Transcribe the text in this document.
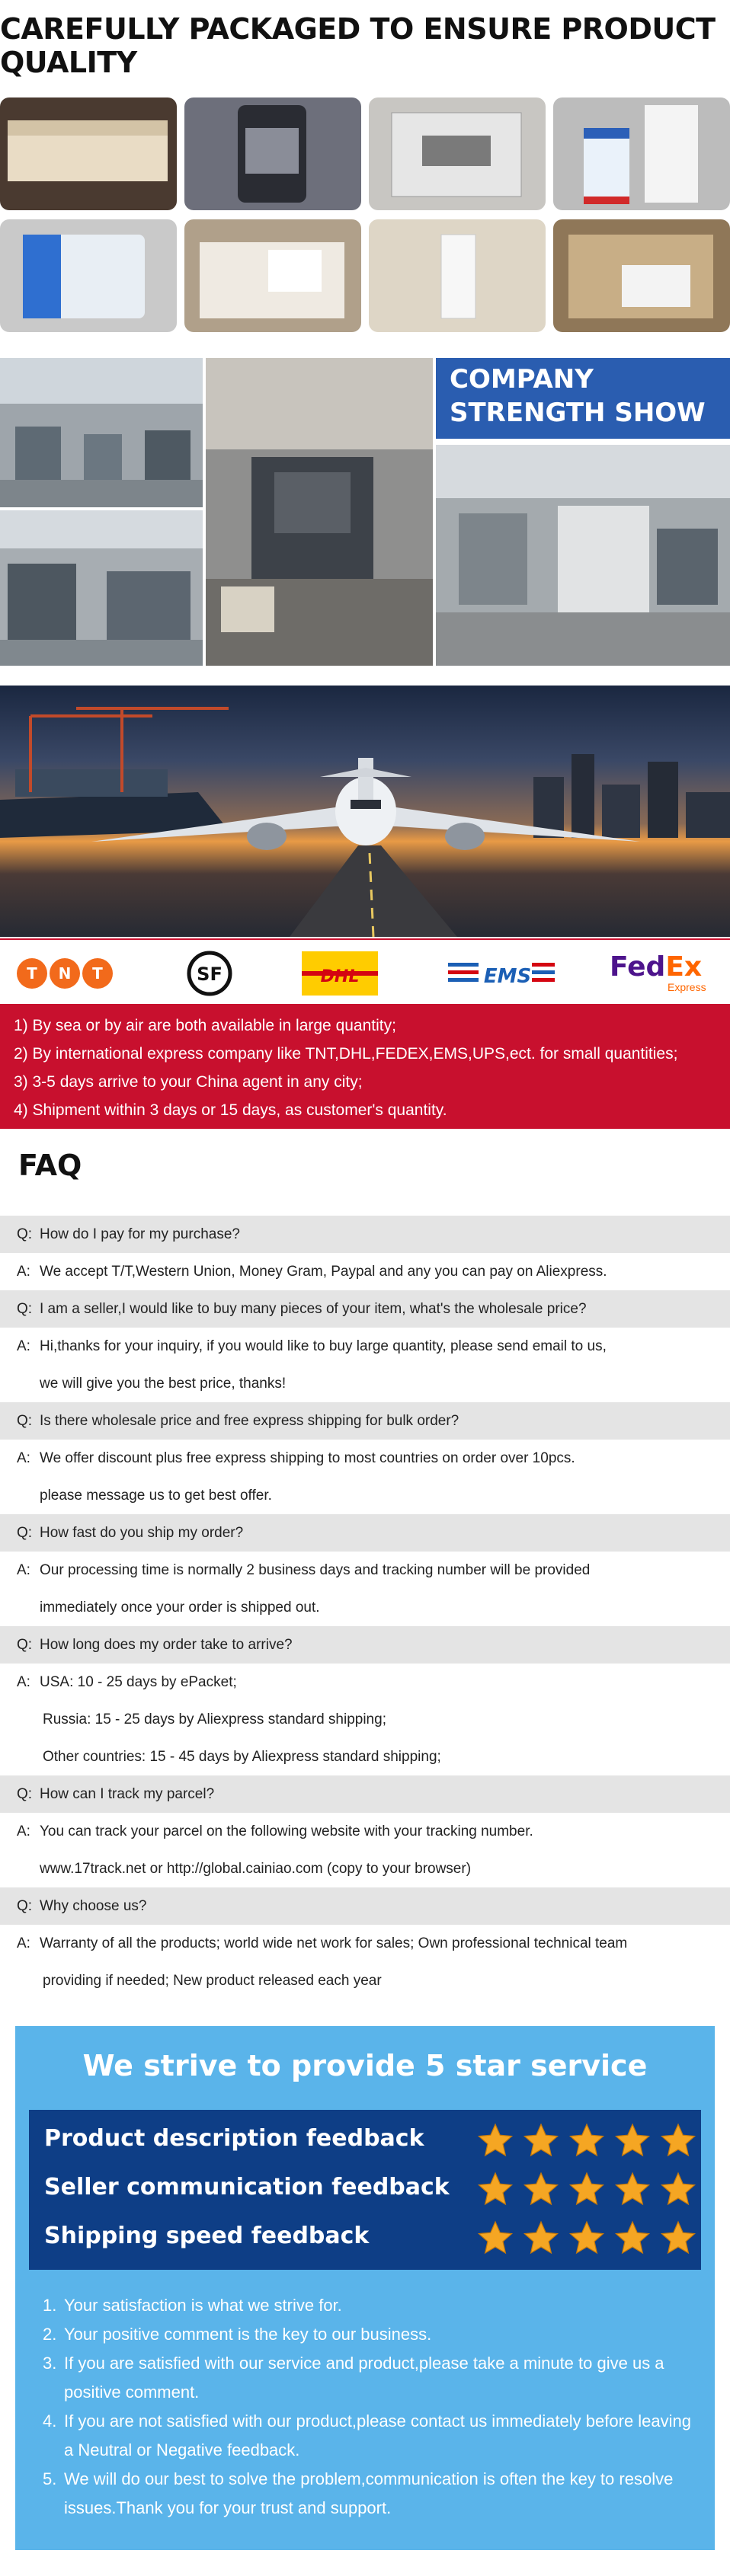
CAREFULLY PACKAGED TO ENSURE PRODUCT QUALITY
COMPANY
STRENGTH SHOW
T N T	SF	DHL	EMS	FedEx
Express
1) By sea or by air are both available in large quantity;
2) By international express company like TNT,DHL,FEDEX,EMS,UPS,ect. for small quantities;
3) 3-5 days arrive to your China agent in any city;
4) Shipment within 3 days or 15 days, as customer's quantity.
FAQ
Q: How do I pay for my purchase?
A: We accept T/T,Western Union, Money Gram, Paypal and any you can pay on Aliexpress.
Q: I am a seller,I would like to buy many pieces of your item, what's the wholesale price?
A: Hi,thanks for your inquiry, if you would like to buy large quantity, please send email to us,
we will give you the best price, thanks!
Q: Is there wholesale price and free express shipping for bulk order?
A: We offer discount plus free express shipping to most countries on order over 10pcs.
please message us to get best offer.
Q: How fast do you ship my order?
A: Our processing time is normally 2 business days and tracking number will be provided
immediately once your order is shipped out.
Q: How long does my order take to arrive?
A: USA: 10 - 25 days by ePacket;
Russia: 15 - 25 days by Aliexpress standard shipping;
Other countries: 15 - 45 days by Aliexpress standard shipping;
Q: How can I track my parcel?
A: You can track your parcel on the following website with your tracking number.
www.17track.net or http://global.cainiao.com (copy to your browser)
Q: Why choose us?
A: Warranty of all the products; world wide net work for sales; Own professional technical team
providing if needed; New product released each year
We strive to provide 5 star service
Product description feedback
Seller communication feedback
Shipping speed feedback
1. Your satisfaction is what we strive for.
2. Your positive comment is the key to our business.
3. If you are satisfied with our service and product,please take a minute to give us a positive comment.
4. If you are not satisfied with our product,please contact us immediately before leaving a Neutral or Negative feedback.
5. We will do our best to solve the problem,communication is often the key to resolve issues.Thank you for your trust and support.
